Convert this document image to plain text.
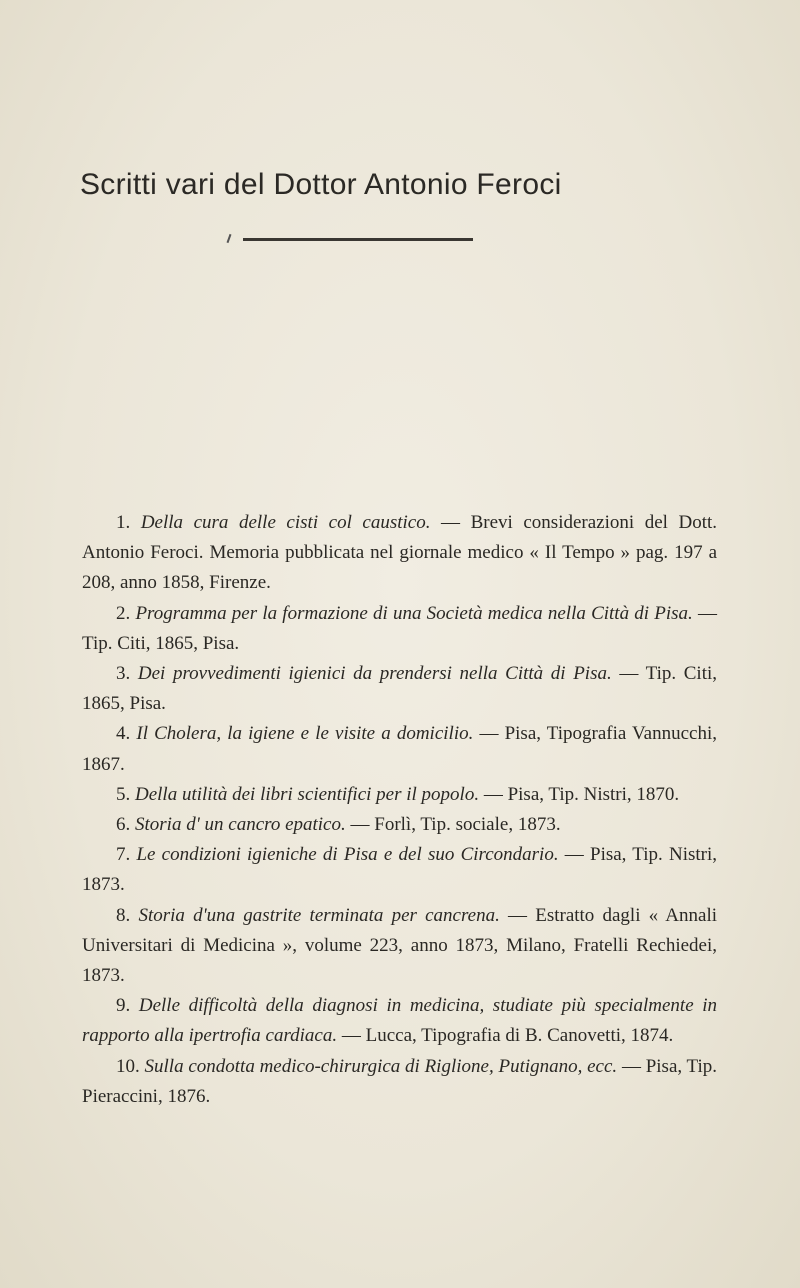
Scritti vari del Dottor Antonio Feroci

1. Della cura delle cisti col caustico. — Brevi considerazioni del Dott. Antonio Feroci. Memoria pubblicata nel giornale medico « Il Tempo » pag. 197 a 208, anno 1858, Firenze.

2. Programma per la formazione di una Società medica nella Città di Pisa. — Tip. Citi, 1865, Pisa.

3. Dei provvedimenti igienici da prendersi nella Città di Pisa. — Tip. Citi, 1865, Pisa.

4. Il Cholera, la igiene e le visite a domicilio. — Pisa, Tipografia Vannucchi, 1867.

5. Della utilità dei libri scientifici per il popolo. — Pisa, Tip. Nistri, 1870.

6. Storia d' un cancro epatico. — Forlì, Tip. sociale, 1873.

7. Le condizioni igieniche di Pisa e del suo Circondario. — Pisa, Tip. Nistri, 1873.

8. Storia d'una gastrite terminata per cancrena. — Estratto dagli « Annali Universitari di Medicina », volume 223, anno 1873, Milano, Fratelli Rechiedei, 1873.

9. Delle difficoltà della diagnosi in medicina, studiate più specialmente in rapporto alla ipertrofia cardiaca. — Lucca, Tipografia di B. Canovetti, 1874.

10. Sulla condotta medico-chirurgica di Riglione, Putignano, ecc. — Pisa, Tip. Pieraccini, 1876.
